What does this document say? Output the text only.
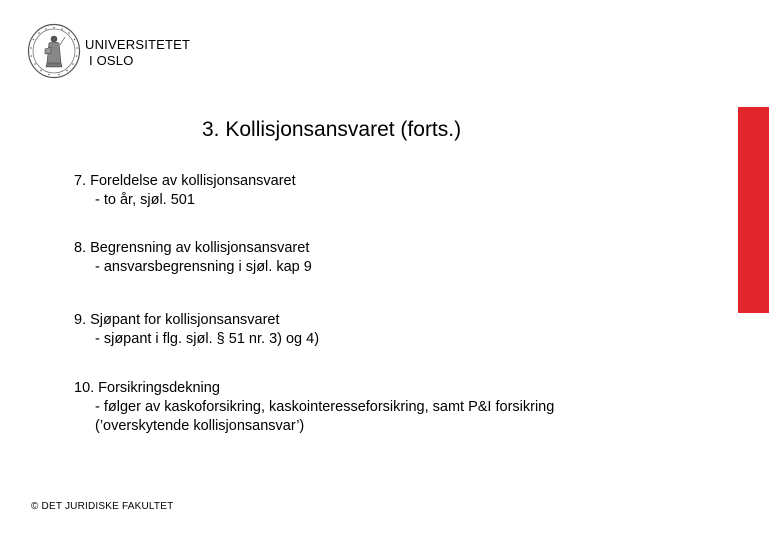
UNIVERSITETET
I OSLO
3. Kollisjonsansvaret (forts.)
7. Foreldelse av kollisjonsansvaret
- to år, sjøl. 501
8. Begrensning av kollisjonsansvaret
- ansvarsbegrensning i sjøl. kap 9
9. Sjøpant for kollisjonsansvaret
- sjøpant i flg. sjøl. § 51 nr. 3) og 4)
10. Forsikringsdekning
- følger av kaskoforsikring, kaskointeresseforsikring, samt P&I forsikring
(’overskytende kollisjonsansvar’)
© DET JURIDISKE FAKULTET
